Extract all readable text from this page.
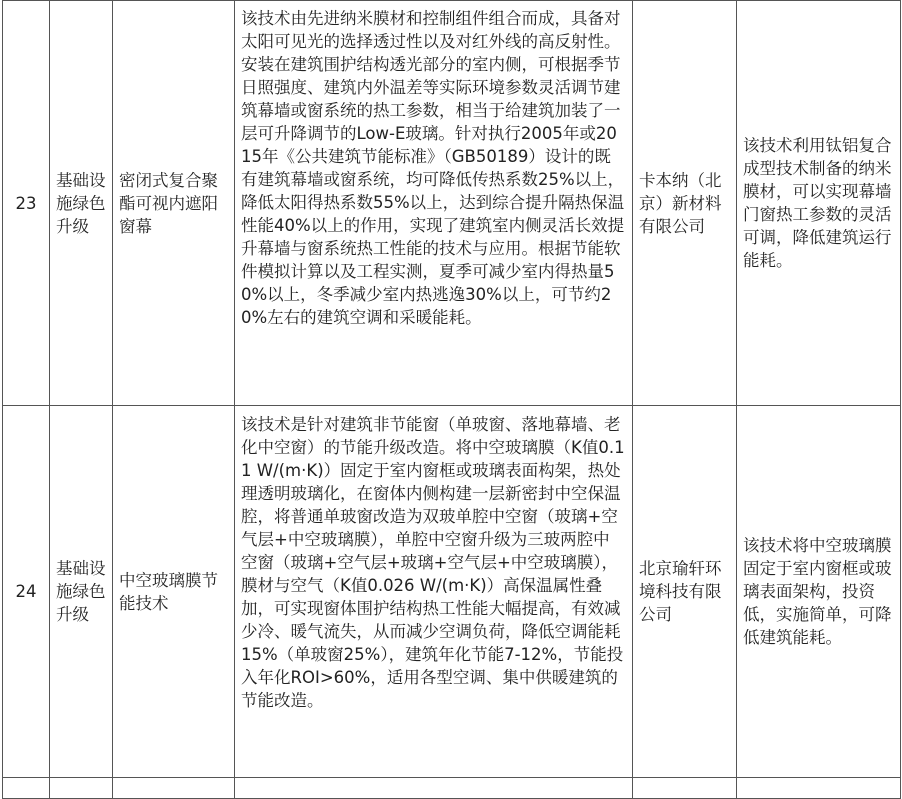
23	基础设施绿色升级	密闭式复合聚酯可视内遮阳窗幕	该技术由先进纳米膜材和控制组件组合而成，具备对太阳可见光的选择透过性以及对红外线的高反射性。安装在建筑围护结构透光部分的室内侧，可根据季节日照强度、建筑内外温差等实际环境参数灵活调节建筑幕墙或窗系统的热工参数，相当于给建筑加装了一层可升降调节的Low-E玻璃。针对执行2005年或2015年《公共建筑节能标准》（GB50189）设计的既有建筑幕墙或窗系统，均可降低传热系数25%以上，降低太阳得热系数55%以上，达到综合提升隔热保温性能40%以上的作用，实现了建筑室内侧灵活长效提升幕墙与窗系统热工性能的技术与应用。根据节能软件模拟计算以及工程实测，夏季可减少室内得热量50%以上，冬季减少室内热逃逸30%以上，可节约20%左右的建筑空调和采暖能耗。	卡本纳（北京）新材料有限公司	该技术利用钛铝复合成型技术制备的纳米膜材，可以实现幕墙门窗热工参数的灵活可调，降低建筑运行能耗。

24	基础设施绿色升级	中空玻璃膜节能技术	该技术是针对建筑非节能窗（单玻窗、落地幕墙、老化中空窗）的节能升级改造。将中空玻璃膜（K值0.11 W/(m·K)）固定于室内窗框或玻璃表面构架，热处理透明玻璃化，在窗体内侧构建一层新密封中空保温腔，将普通单玻窗改造为双玻单腔中空窗（玻璃+空气层+中空玻璃膜），单腔中空窗升级为三玻两腔中空窗（玻璃+空气层+玻璃+空气层+中空玻璃膜），膜材与空气（K值0.026 W/(m·K)）高保温属性叠加，可实现窗体围护结构热工性能大幅提高，有效减少冷、暖气流失，从而减少空调负荷，降低空调能耗15%（单玻窗25%），建筑年化节能7-12%，节能投入年化ROI>60%，适用各型空调、集中供暖建筑的节能改造。	北京瑜轩环境科技有限公司	该技术将中空玻璃膜固定于室内窗框或玻璃表面架构，投资低，实施简单，可降低建筑能耗。
